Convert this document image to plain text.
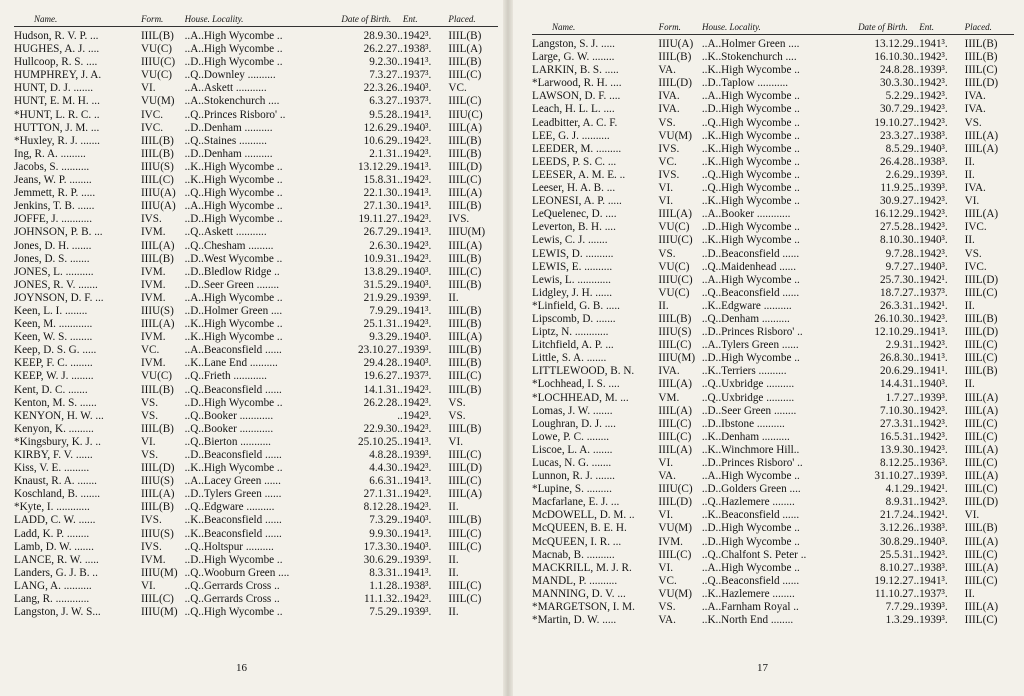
Name.	Form.	House. Locality.	Date of Birth.	Ent.	Placed.
Hudson, R. V. P. ...	IIIL(B) ..A..High Wycombe ..	28.9.30.. 1942³.	IIIL(B)
HUGHES, A. J. ....	VU(C)	..A..High Wycombe ..	26.2.27.. 1938³.	IIIL(A)
Hullcoop, R. S. ....	IIIU(C) ..D..High Wycombe ..	9.2.30.. 1941³.	IIIL(B)
HUMPHREY, J. A.	VU(C)	..Q..Downley ..........	7.3.27.. 1937³.	IIIL(C)
HUNT, D. J. .......	VI.	..A..Askett ...........	22.3.26.. 1940³.	VC.
HUNT, E. M. H. ...	VU(M) ..A..Stokenchurch ....	6.3.27.. 1937³.	IIIL(C)
*HUNT, L. R. C. ..	IVC.	..Q..Princes Risboro' ..	9.5.28.. 1941³.	IIIU(C)
HUTTON, J. M. ...	IVC.	..D..Denham ..........	12.6.29.. 1940³.	IIIL(A)
*Huxley, R. J. .......	IIIL(B) ..Q..Staines ..........	10.6.29.. 1942³.	IIIL(B)
Ing, R. A. .........	IIIL(B) ..D..Denham ..........	2.1.31.. 1942³.	IIIL(B)
Jacobs, S. ..........	IIIU(S) ..K..High Wycombe ..	13.12.29.. 1941³.	IIIL(D)
Jeans, W. P. ........	IIIL(C) ..K..High Wycombe ..	15.8.31.. 1942³.	IIIL(C)
Jemmett, R. P. .....	IIIU(A) ..Q..High Wycombe ..	22.1.30.. 1941³.	IIIL(A)
Jenkins, T. B. ......	IIIU(A) ..A..High Wycombe ..	27.1.30.. 1941³.	IIIL(B)
JOFFE, J. ...........	IVS.	..D..High Wycombe ..	19.11.27.. 1942³.	IVS.
JOHNSON, P. B. ...	IVM.	..Q..Askett ...........	26.7.29.. 1941³.	IIIU(M)
Jones, D. H. .......	IIIL(A) ..Q..Chesham .........	2.6.30.. 1942³.	IIIL(A)
Jones, D. S. .......	IIIL(B) ..D..West Wycombe ..	10.9.31.. 1942³.	IIIL(B)
JONES, L. ..........	IVM.	..D..Bledlow Ridge ..	13.8.29.. 1940³.	IIIL(C)
JONES, R. V. .......	IVM.	..D..Seer Green ........	31.5.29.. 1940³.	IIIL(B)
JOYNSON, D. F. ...	IVM.	..A..High Wycombe ..	21.9.29.. 1939³.	II.
Keen, L. I. ........	IIIU(S) ..D..Holmer Green ....	7.9.29.. 1941³.	IIIL(B)
Keen, M. ............	IIIL(A) ..K..High Wycombe ..	25.1.31.. 1942³.	IIIL(B)
Keen, W. S. ........	IVM.	..K..High Wycombe ..	9.3.29.. 1940³.	IIIL(A)
Keep, D. S. G. .....	VC.	..A..Beaconsfield ......	23.10.27.. 1939³.	IIIL(B)
KEEP, F. C. ........	IVM.	..K..Lane End ..........	29.4.28.. 1940³.	IIIL(B)
KEEP, W. J. ........	VU(C)	..Q..Frieth ............	19.6.27.. 1937³.	IIIL(C)
Kent, D. C. .......	IIIL(B) ..Q..Beaconsfield ......	14.1.31.. 1942³.	IIIL(B)
Kenton, M. S. ......	VS.	..D..High Wycombe ..	26.2.28.. 1942³.	VS.
KENYON, H. W. ...	VS.	..Q..Booker ............	.. 1942³.	VS.
Kenyon, K. .........	IIIL(B) ..Q..Booker ............	22.9.30.. 1942³.	IIIL(B)
*Kingsbury, K. J. ..	VI.	..Q..Bierton ...........	25.10.25.. 1941³.	VI.
KIRBY, F. V. ......	VS.	..D..Beaconsfield ......	4.8.28.. 1939³.	IIIL(C)
Kiss, V. E. .........	IIIL(D) ..K..High Wycombe ..	4.4.30.. 1942³.	IIIL(D)
Knaust, R. A. .......	IIIU(S) ..A..Lacey Green ......	6.6.31.. 1941³.	IIIL(C)
Koschland, B. .......	IIIL(A) ..D..Tylers Green ......	27.1.31.. 1942³.	IIIL(A)
*Kyte, I. ............	IIIL(B) ..Q..Edgware ..........	8.12.28.. 1942³.	II.
LADD, C. W. ......	IVS.	..K..Beaconsfield ......	7.3.29.. 1940³.	IIIL(B)
Ladd, K. P. ........	IIIU(S) ..K..Beaconsfield ......	9.9.30.. 1941³.	IIIL(C)
Lamb, D. W. .......	IVS.	..Q..Holtspur ..........	17.3.30.. 1940³.	IIIL(C)
LANCE, R. W. .....	IVM.	..D..High Wycombe ..	30.6.29.. 1939³.	II.
Landers, G. J. B. ..	IIIU(M) ..Q..Wooburn Green ....	8.3.31.. 1941³.	II.
LANG, A. ..........	VI.	..Q..Gerrards Cross ..	1.1.28.. 1938³.	IIIL(C)
Lang, R. ............	IIIL(C) ..Q..Gerrards Cross ..	11.1.32.. 1942³.	IIIL(C)
Langston, J. W. S...	IIIU(M) ..Q..High Wycombe ..	7.5.29.. 1939³.	II.
16
Name.	Form.	House. Locality.	Date of Birth.	Ent.	Placed.
Langston, S. J. .....	IIIU(A) ..A..Holmer Green ....	13.12.29.. 1941³.	IIIL(B)
Large, G. W. ........	IIIL(B) ..K..Stokenchurch ....	16.10.30.. 1942³.	IIIL(B)
LARKIN, B. S. .....	VA.	..K..High Wycombe ..	24.8.28.. 1939³.	IIIL(C)
*Larwood, R. H. ....	IIIL(D) ..D..Taplow ...........	30.3.30.. 1942³.	IIIL(D)
LAWSON, D. F. ....	IVA.	..A..High Wycombe ..	5.2.29.. 1942³.	IVA.
Leach, H. L. L. ....	IVA.	..D..High Wycombe ..	30.7.29.. 1942³.	IVA.
Leadbitter, A. C. F.	VS.	..Q..High Wycombe ..	19.10.27.. 1942³.	VS.
LEE, G. J. ..........	VU(M) ..K..High Wycombe ..	23.3.27.. 1938³.	IIIL(A)
LEEDER, M. .........	IVS.	..K..High Wycombe ..	8.5.29.. 1940³.	IIIL(A)
LEEDS, P. S. C. ...	VC.	..K..High Wycombe ..	26.4.28.. 1938³.	II.
LEESER, A. M. E. ..	IVS.	..Q..High Wycombe ..	2.6.29.. 1939³.	II.
Leeser, H. A. B. ...	VI.	..Q..High Wycombe ..	11.9.25.. 1939³.	IVA.
LEONESI, A. P. .....	VI.	..K..High Wycombe ..	30.9.27.. 1942³.	VI.
LeQuelenec, D. ....	IIIL(A) ..A..Booker ............	16.12.29.. 1942³.	IIIL(A)
Leverton, B. H. ....	VU(C)	..D..High Wycombe ..	27.5.28.. 1942³.	IVC.
Lewis, C. J. .......	IIIU(C) ..K..High Wycombe ..	8.10.30.. 1940³.	II.
LEWIS, D. ..........	VS.	..D..Beaconsfield ......	9.7.28.. 1942³.	VS.
LEWIS, E. ..........	VU(C)	..Q..Maidenhead ......	9.7.27.. 1940³.	IVC.
Lewis, L. ............	IIIU(C) ..A..High Wycombe ..	25.7.30.. 1942¹.	IIIL(D)
Lidgley, J. H. ......	VU(C)	..Q..Beaconsfield ......	18.7.27.. 1937³.	IIIL(C)
*Linfield, G. B. .....	II.	..K..Edgware ..........	26.3.31.. 1942¹.	II.
Lipscomb, D. .......	IIIL(B) ..Q..Denham ..........	26.10.30.. 1942³.	IIIL(B)
Liptz, N. ............	IIIU(S) ..D..Princes Risboro' ..	12.10.29.. 1941³.	IIIL(D)
Litchfield, A. P. ...	IIIL(C) ..A..Tylers Green ......	2.9.31.. 1942³.	IIIL(C)
Little, S. A. .......	IIIU(M) ..D..High Wycombe ..	26.8.30.. 1941³.	IIIL(C)
LITTLEWOOD, B. N.	IVA.	..K..Terriers ..........	20.6.29.. 1941¹.	IIIL(B)
*Lochhead, I. S. ....	IIIL(A) ..Q..Uxbridge ..........	14.4.31.. 1940³.	II.
*LOCHHEAD, M. ...	VM.	..Q..Uxbridge ..........	1.7.27.. 1939³.	IIIL(A)
Lomas, J. W. .......	IIIL(A) ..D..Seer Green ........	7.10.30.. 1942³.	IIIL(A)
Loughran, D. J. ....	IIIL(C) ..D..Ibstone ..........	27.3.31.. 1942³.	IIIL(C)
Lowe, P. C. ........	IIIL(C) ..K..Denham ..........	16.5.31.. 1942³.	IIIL(C)
Liscoe, L. A. .......	IIIL(A) ..K..Winchmore Hill..	13.9.30.. 1942³.	IIIL(A)
Lucas, N. G. .......	VI.	..D..Princes Risboro' ..	8.12.25.. 1936³.	IIIL(C)
Lunnon, R. J. .......	VA.	..A..High Wycombe ..	31.10.27.. 1939³.	IIIL(A)
*Lupine, S. .........	IIIU(C) ..D..Golders Green ....	4.1.29.. 1942¹.	IIIL(C)
Macfarlane, E. J. ...	IIIL(D) ..Q..Hazlemere ........	8.9.31.. 1942³.	IIIL(D)
McDOWELL, D. M. ..	VI.	..K..Beaconsfield ......	21.7.24.. 1942¹.	VI.
McQUEEN, B. E. H.	VU(M) ..D..High Wycombe ..	3.12.26.. 1938³.	IIIL(B)
McQUEEN, I. R. ...	IVM.	..D..High Wycombe ..	30.8.29.. 1940³.	IIIL(A)
Macnab, B. ..........	IIIL(C) ..Q..Chalfont S. Peter ..	25.5.31.. 1942³.	IIIL(C)
MACKRILL, M. J. R.	VI.	..A..High Wycombe ..	8.10.27.. 1938³.	IIIL(A)
MANDL, P. ..........	VC.	..Q..Beaconsfield ......	19.12.27.. 1941³.	IIIL(C)
MANNING, D. V. ...	VU(M) ..K..Hazlemere ........	11.10.27.. 1937³.	II.
*MARGETSON, I. M.	VS.	..A..Farnham Royal ..	7.7.29.. 1939³.	IIIL(A)
*Martin, D. W. .....	VA.	..K..North End ........	1.3.29.. 1939³.	IIIL(C)
17
